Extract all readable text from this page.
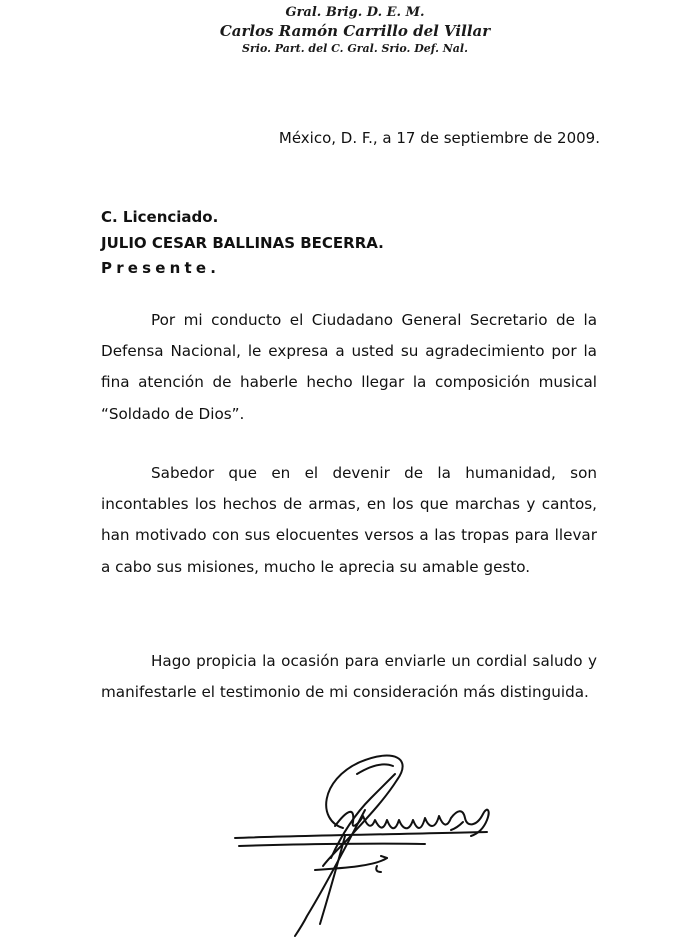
Gral. Brig. D. E. M.
Carlos Ramón Carrillo del Villar
Srio. Part. del C. Gral. Srio. Def. Nal.
México, D. F., a 17 de septiembre de 2009.
C. Licenciado.
JULIO CESAR BALLINAS BECERRA.
Presente.

Por mi conducto el Ciudadano General Secretario de la Defensa Nacional, le expresa a usted su agradecimiento por la fina atención de haberle hecho llegar la composición musical “Soldado de Dios”.

Sabedor que en el devenir de la humanidad, son incontables los hechos de armas, en los que marchas y cantos, han motivado con sus elocuentes versos a las tropas para llevar a cabo sus misiones, mucho le aprecia su amable gesto.

Hago propicia la ocasión para enviarle un cordial saludo y manifestarle el testimonio de mi consideración más distinguida.
